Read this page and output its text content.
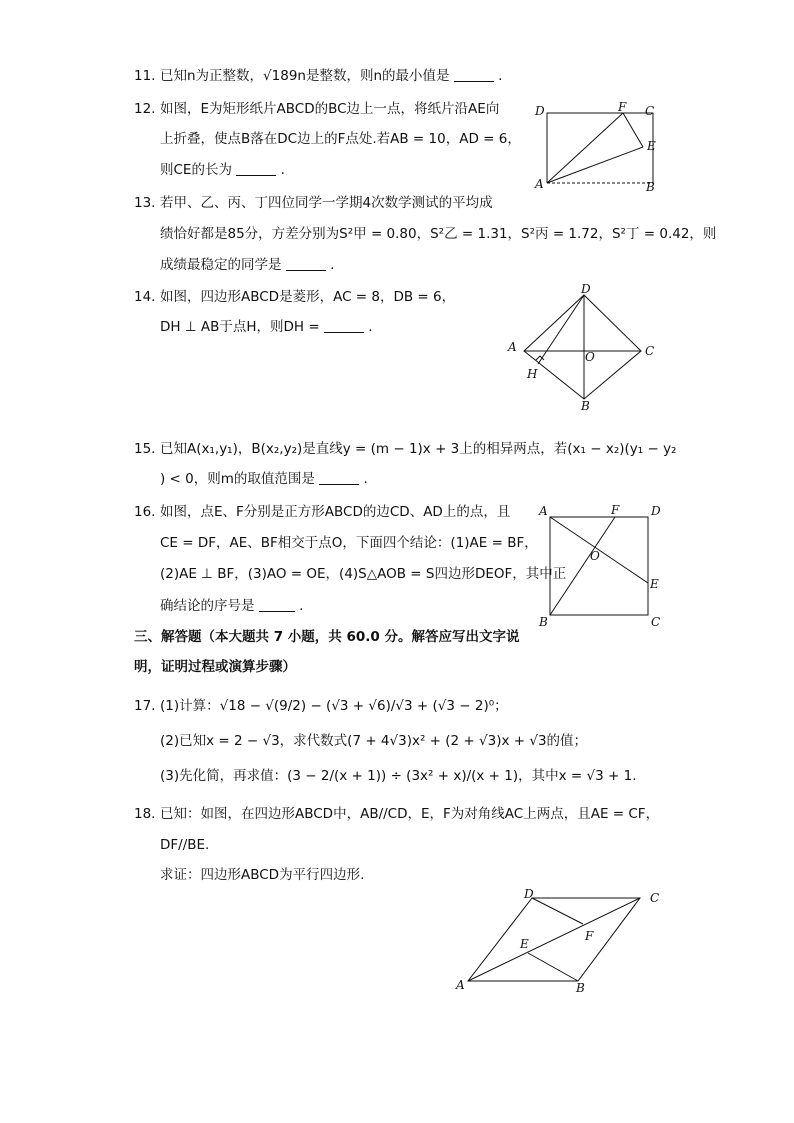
11. 已知n为正整数，√189n是整数，则n的最小值是	.
12. 如图，E为矩形纸片ABCD的BC边上一点，将纸片沿AE向
上折叠，使点B落在DC边上的F点处.若AB = 10，AD = 6，
则CE的长为	.
D	F C
E
A	B
13. 若甲、乙、丙、丁四位同学一学期4次数学测试的平均成
绩恰好都是85分，方差分别为S²甲 = 0.80，S²乙 = 1.31，S²丙 = 1.72，S²丁 = 0.42，则
成绩最稳定的同学是	.
14. 如图，四边形ABCD是菱形，AC = 8，DB = 6，
DH ⊥ AB于点H，则DH =	.
D
A
O	C
H
B
15. 已知A(x₁,y₁)，B(x₂,y₂)是直线y = (m − 1)x + 3上的相异两点，若(x₁ − x₂)(y₁ − y₂
) < 0，则m的取值范围是	.
16. 如图，点E、F分别是正方形ABCD的边CD、AD上的点，且
CE = DF，AE、BF相交于点O，下面四个结论：(1)AE = BF，
(2)AE ⊥ BF，(3)AO = OE，(4)S△AOB = S四边形DEOF，其中正
确结论的序号是	.
A	F	D
O
E
B	C
三、解答题（本大题共 7 小题，共 60.0 分。解答应写出文字说
明，证明过程或演算步骤）
17. (1)计算：√18 − √(9/2) − (√3 + √6)/√3 + (√3 − 2)⁰；
(2)已知x = 2 − √3，求代数式(7 + 4√3)x² + (2 + √3)x + √3的值；
(3)先化简，再求值：(3 − 2/(x + 1)) ÷ (3x² + x)/(x + 1)，其中x = √3 + 1.
18. 已知：如图，在四边形ABCD中，AB//CD，E，F为对角线AC上两点，且AE = CF，
DF//BE.
求证：四边形ABCD为平行四边形.
D	C
E
F
A	B
